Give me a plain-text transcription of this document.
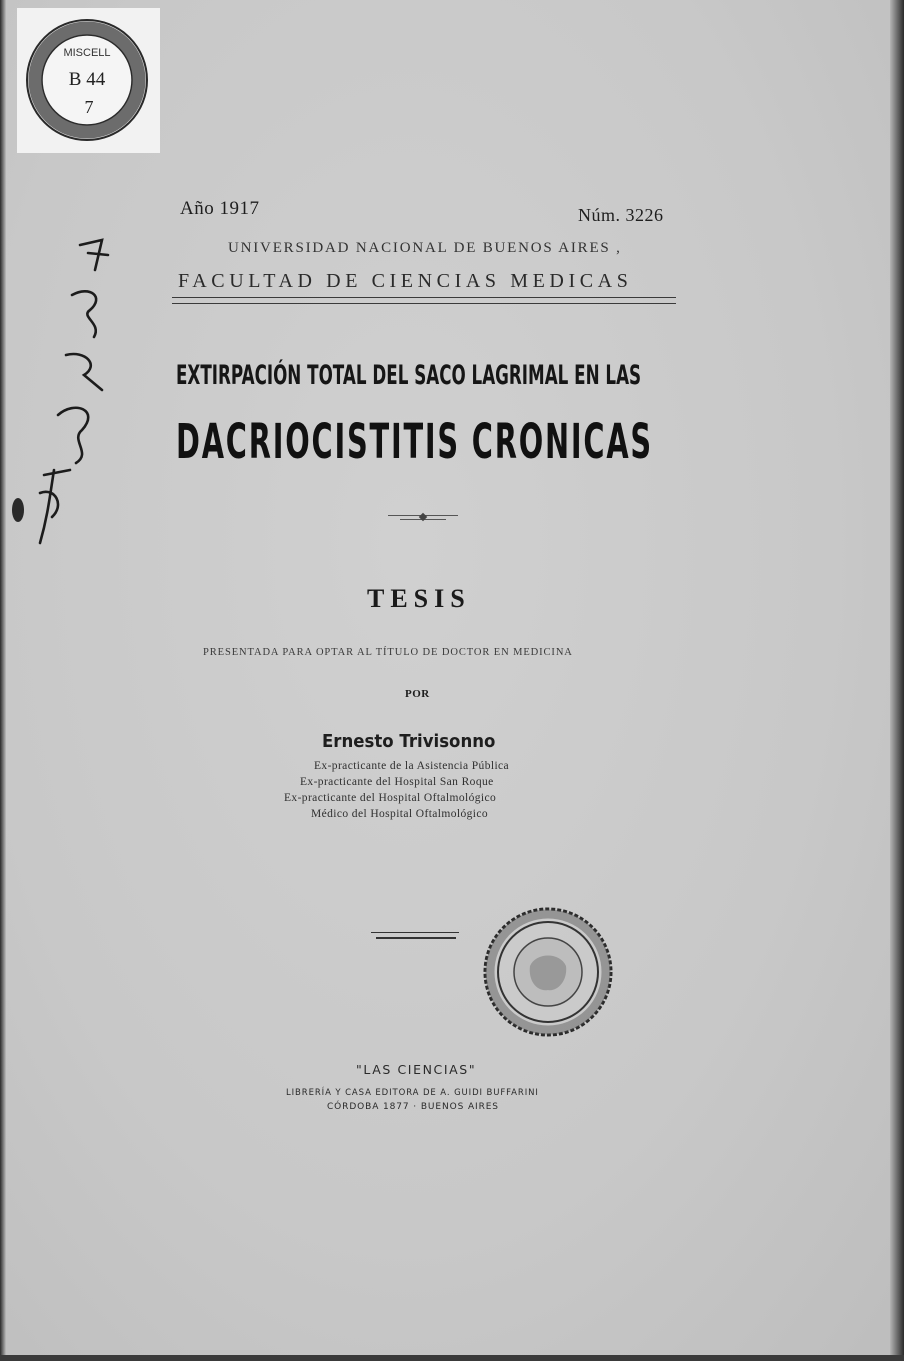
MISCELL
B 44
7
Año 1917	Núm. 3226
UNIVERSIDAD NACIONAL DE BUENOS AIRES ,
FACULTAD DE CIENCIAS MEDICAS
EXTIRPACIÓN TOTAL DEL SACO LAGRIMAL EN LAS
DACRIOCISTITIS CRONICAS
TESIS
PRESENTADA PARA OPTAR AL TÍTULO DE DOCTOR EN MEDICINA
POR
Ernesto Trivisonno
Ex-practicante de la Asistencia Pública
Ex-practicante del Hospital San Roque
Ex-practicante del Hospital Oftalmológico
Médico del Hospital Oftalmológico
"LAS CIENCIAS"
LIBRERÍA Y CASA EDITORA DE A. GUIDI BUFFARINI
CÓRDOBA 1877 · BUENOS AIRES
